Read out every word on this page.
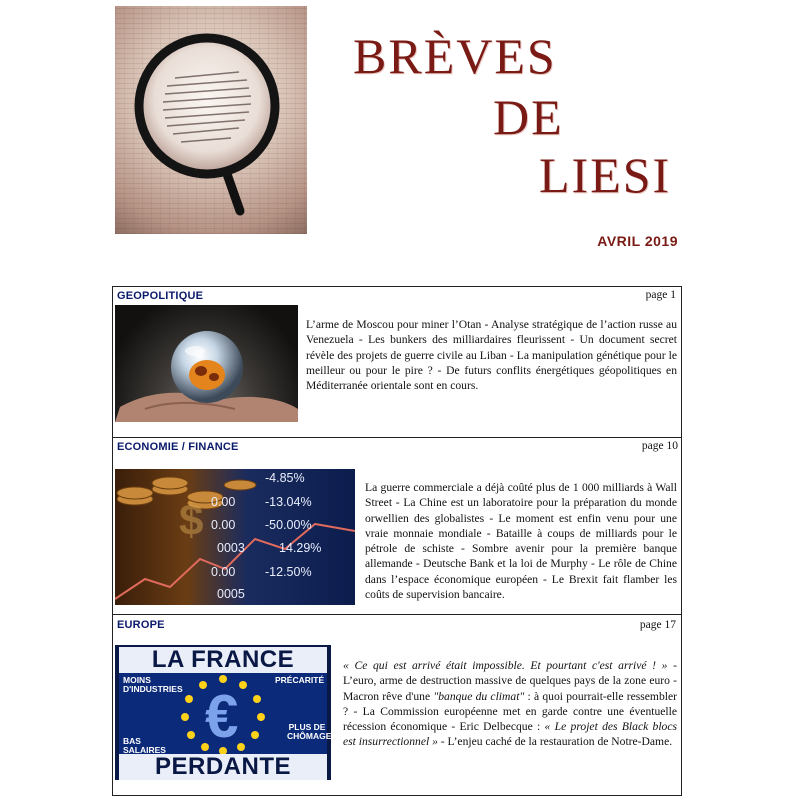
BRÈVES
DE
LIESI
AVRIL 2019
GEOPOLITIQUE	page 1
L’arme de Moscou pour miner l’Otan - Analyse stratégique de l’action russe au Venezuela - Les bunkers des milliardaires fleurissent - Un document secret révèle des projets de guerre civile au Liban - La manipulation génétique pour le meilleur ou pour le pire ? - De futurs conflits énergétiques géopolitiques en Méditerranée orientale sont en cours.
ECONOMIE / FINANCE	page 10
$
-4.85%
-13.04%
-50.00%
14.29%
-12.50%
0.00
0.00
0.00
0003
0005
La guerre commerciale a déjà coûté plus de 1 000 milliards à Wall Street - La Chine est un laboratoire pour la préparation du monde orwellien des globalistes - Le moment est enfin venu pour une vraie monnaie mondiale - Bataille à coups de milliards pour le pétrole de schiste - Sombre avenir pour la première banque allemande - Deutsche Bank et la loi de Murphy - Le rôle de Chine dans l’espace économique européen - Le Brexit fait flamber les coûts de supervision bancaire.
EUROPE	page 17
€
LA FRANCE
PERDANTE
MOINS D'INDUSTRIES
PRÉCARITÉ
BAS SALAIRES
PLUS DE CHÔMAGE
« Ce qui est arrivé était impossible. Et pourtant c'est arrivé ! » - L’euro, arme de destruction massive de quelques pays de la zone euro - Macron rêve d'une "banque du climat" : à quoi pourrait-elle ressembler ? - La Commission européenne met en garde contre une éventuelle récession économique - Eric Delbecque : « Le projet des Black blocs est insurrectionnel » - L’enjeu caché de la restauration de Notre-Dame.
